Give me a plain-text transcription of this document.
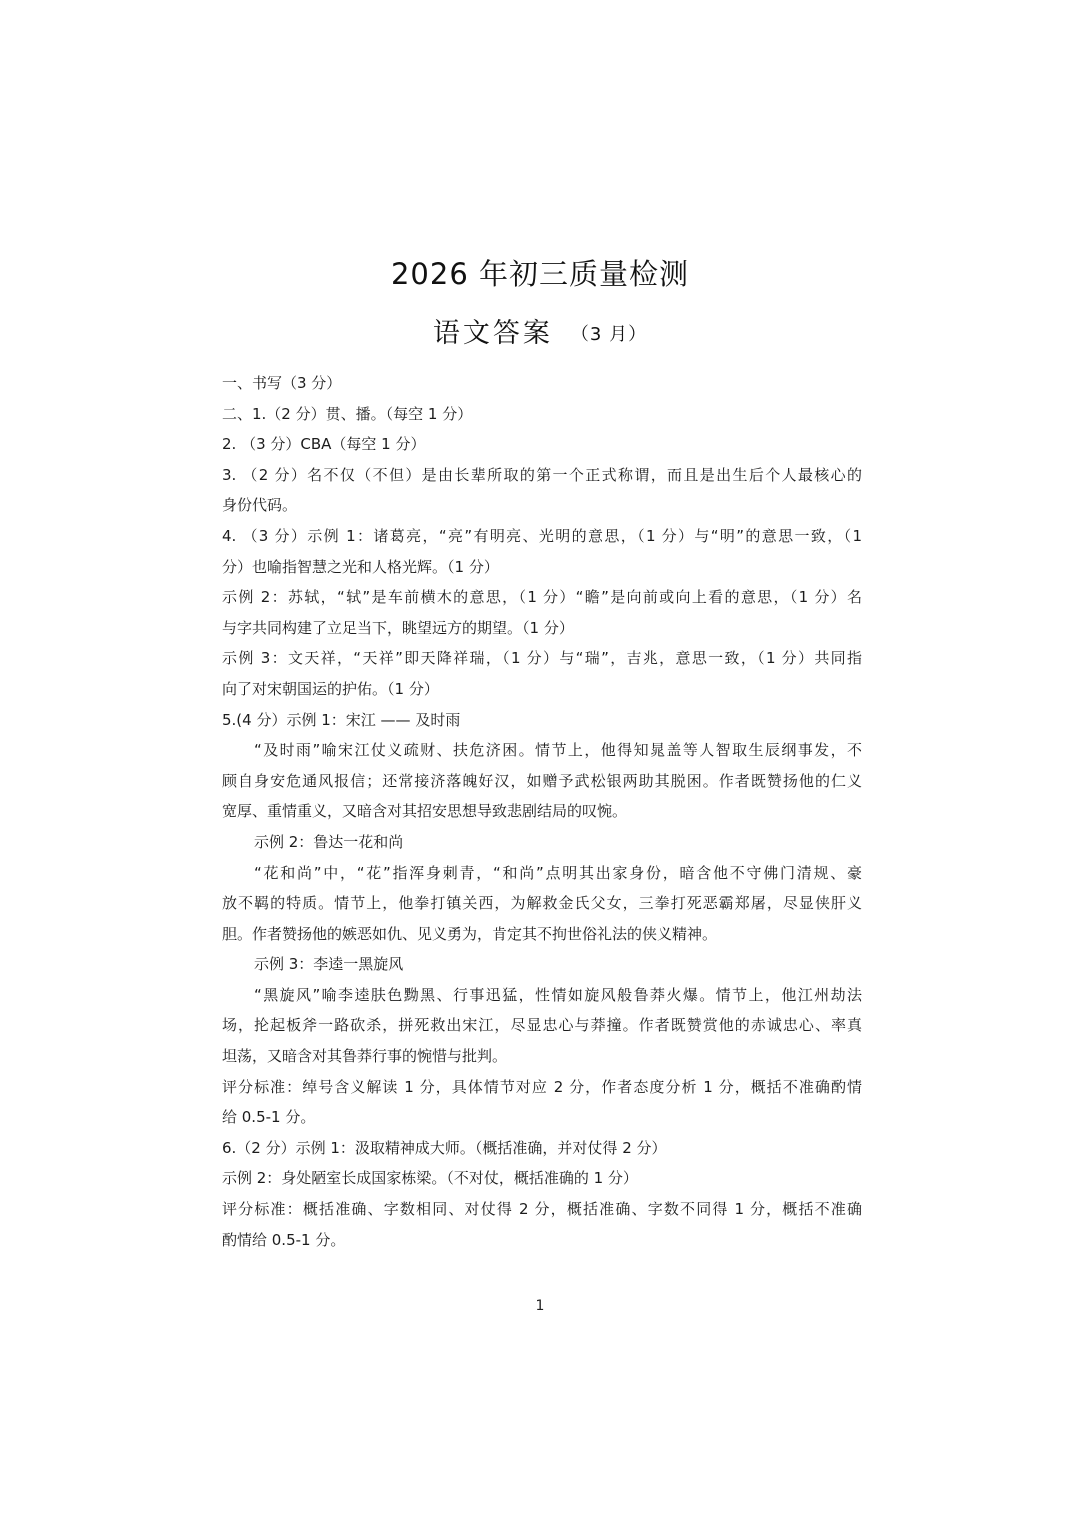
2026 年初三质量检测
语文答案 （3 月）
一、书写（3 分）
二、1.（2 分）贯、播。（每空 1 分）
2. （3 分）CBA（每空 1 分）
3. （2 分）名不仅（不但）是由长辈所取的第一个正式称谓，而且是出生后个人最核心的
身份代码。
4. （3 分）示例 1：诸葛亮，“亮”有明亮、光明的意思，（1 分）与“明”的意思一致，（1
分）也喻指智慧之光和人格光辉。（1 分）
示例 2：苏轼，“轼”是车前横木的意思，（1 分）“瞻”是向前或向上看的意思，（1 分）名
与字共同构建了立足当下，眺望远方的期望。（1 分）
示例 3：文天祥，“天祥”即天降祥瑞，（1 分）与“瑞”，吉兆，意思一致，（1 分）共同指
向了对宋朝国运的护佑。（1 分）
5.(4 分）示例 1：宋江 —— 及时雨
“及时雨”喻宋江仗义疏财、扶危济困。情节上，他得知晁盖等人智取生辰纲事发，不
顾自身安危通风报信；还常接济落魄好汉，如赠予武松银两助其脱困。作者既赞扬他的仁义
宽厚、重情重义，又暗含对其招安思想导致悲剧结局的叹惋。
示例 2：鲁达一花和尚
“花和尚”中，“花”指浑身刺青，“和尚”点明其出家身份，暗含他不守佛门清规、豪
放不羁的特质。情节上，他拳打镇关西，为解救金氏父女，三拳打死恶霸郑屠，尽显侠肝义
胆。作者赞扬他的嫉恶如仇、见义勇为，肯定其不拘世俗礼法的侠义精神。
示例 3：李逵一黑旋风
“黑旋风”喻李逵肤色黝黑、行事迅猛，性情如旋风般鲁莽火爆。情节上，他江州劫法
场，抡起板斧一路砍杀，拼死救出宋江，尽显忠心与莽撞。作者既赞赏他的赤诚忠心、率真
坦荡，又暗含对其鲁莽行事的惋惜与批判。
评分标准：绰号含义解读 1 分，具体情节对应 2 分，作者态度分析 1 分，概括不准确酌情
给 0.5-1 分。
6.（2 分）示例 1：汲取精神成大师。（概括准确，并对仗得 2 分）
示例 2：身处陋室长成国家栋梁。（不对仗，概括准确的 1 分）
评分标准：概括准确、字数相同、对仗得 2 分，概括准确、字数不同得 1 分，概括不准确
酌情给 0.5-1 分。
1
